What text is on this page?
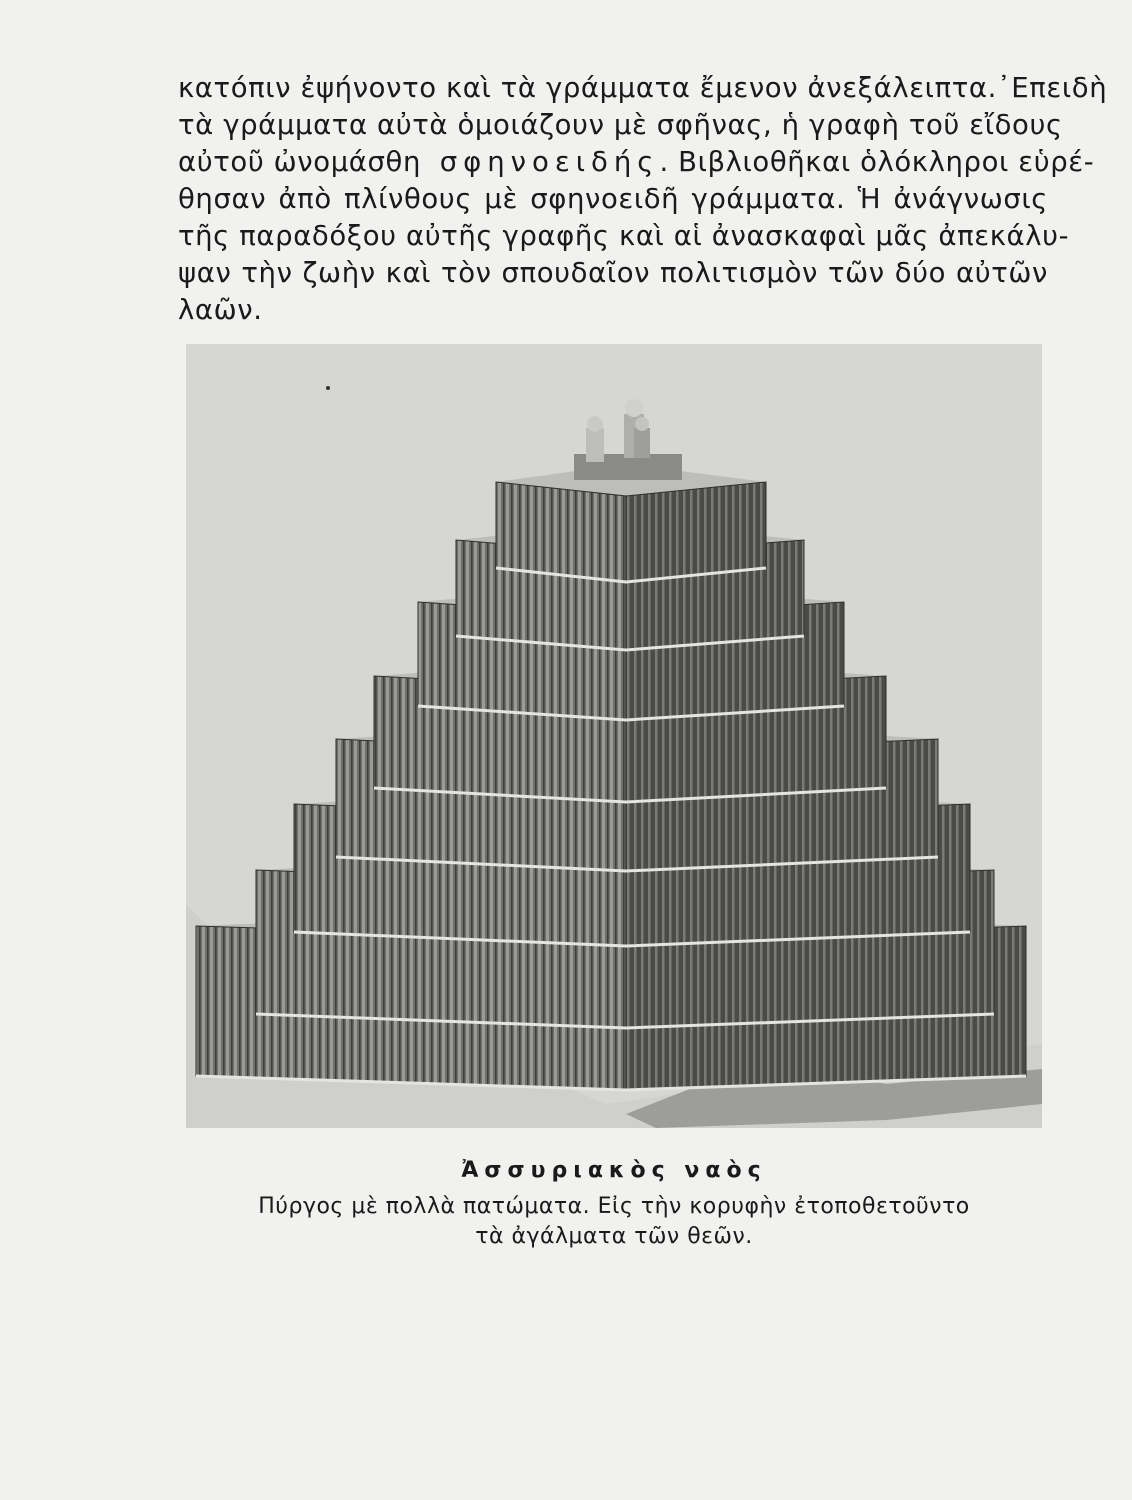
κατόπιν ἐψήνοντο καὶ τὰ γράμματα ἔμενον ἀνεξάλειπτα.᾿Επειδὴ
τὰ γράμματα αὐτὰ ὁμοιάζουν μὲ σφῆνας, ἡ γραφὴ τοῦ εἴδους
αὐτοῦ ὠνομάσθη σφηνοειδής. Βιβλιοθῆκαι ὁλόκληροι εὑρέ-
θησαν ἀπὸ πλίνθους μὲ σφηνοειδῆ γράμματα. Ἡ ἀνάγνωσις
τῆς παραδόξου αὐτῆς γραφῆς καὶ αἱ ἀνασκαφαὶ μᾶς ἀπεκάλυ-
ψαν τὴν ζωὴν καὶ τὸν σπουδαῖον πολιτισμὸν τῶν δύο αὐτῶν
λαῶν.
Ἀσσυριακὸς ναὸς
Πύργος μὲ πολλὰ πατώματα. Εἰς τὴν κορυφὴν ἐτοποθετοῦντο
τὰ ἀγάλματα τῶν θεῶν.
